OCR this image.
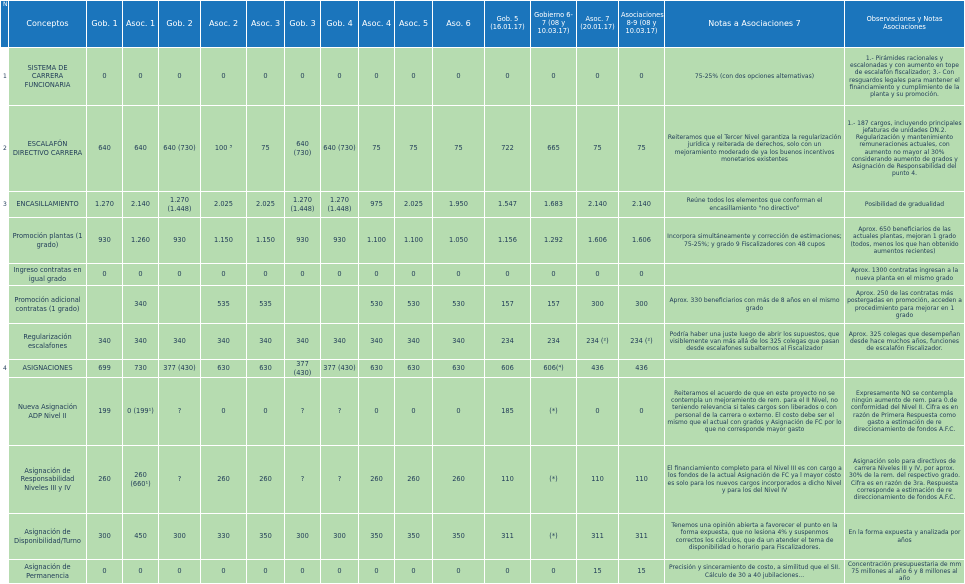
N	Conceptos	Gob. 1	Asoc. 1	Gob. 2	Asoc. 2	Asoc. 3	Gob. 3	Gob. 4	Asoc. 4	Asoc. 5	Aso. 6	Gob. 5 (16.01.17)	Gobierno 6-7 (08 y 10.03.17)	Asoc. 7 (20.01.17)	Asociaciones 8-9 (08 y 10.03.17)	Notas a Asociaciones 7	Observaciones y Notas Asociaciones
1	SISTEMA DE CARRERA FUNCIONARIA	0	0	0	0	0	0	0	0	0	0	0	0	0	0	75-25% (con dos opciones alternativas)	1.- Pirámides racionales y escalonadas y con aumento en tope de escalafón fiscalizador; 3.- Con resguardos legales para mantener el financiamiento y cumplimiento de la planta y su promoción.
2	ESCALAFÓN DIRECTIVO CARRERA	640	640	640 (730)	100 ³	75	640 (730)	640 (730)	75	75	75	722	665	75	75	Reiteramos que el Tercer Nivel garantiza la regularización jurídica y reiterada de derechos, solo con un mejoramiento moderado de ya los buenos incentivos monetarios existentes	1.- 187 cargos, incluyendo principales jefaturas de unidades DN.2. Regularización y mantenimiento remuneraciones actuales, con aumento no mayor al 30% considerando aumento de grados y Asignación de Responsabilidad del punto 4.
3	ENCASILLAMIENTO	1.270	2.140	1.270 (1.448)	2.025	2.025	1.270 (1.448)	1.270 (1.448)	975	2.025	1.950	1.547	1.683	2.140	2.140	Reúne todos los elementos que conforman el encasillamiento "no directivo"	Posibilidad de gradualidad
	Promoción plantas (1 grado)	930	1.260	930	1.150	1.150	930	930	1.100	1.100	1.050	1.156	1.292	1.606	1.606	Incorpora simultáneamente y corrección de estimaciones; 75-25%; y grado 9 Fiscalizadores con 48 cupos	Aprox. 650 beneficiarios de las actuales plantas, mejoran 1 grado (todos, menos los que han obtenido aumentos recientes)
	Ingreso contratas en igual grado	0	0	0	0	0	0	0	0	0	0	0	0	0	0		Aprox. 1300 contratas ingresan a la nueva planta en el mismo grado
	Promoción adicional contratas (1 grado)		340		535	535			530	530	530	157	157	300	300	Aprox. 330 beneficiarios con más de 8 años en el mismo grado	Aprox. 250 de las contratas más postergadas en promoción, acceden a procedimiento para mejorar en 1 grado
	Regularización escalafones	340	340	340	340	340	340	340	340	340	340	234	234	234 (²)	234 (²)	Podría haber una juste luego de abrir los supuestos, que visiblemente van más allá de los 325 colegas que pasan desde escalafones subalternos al Fiscalizador	Aprox. 325 colegas que desempeñan desde hace muchos años, funciones de escalafón Fiscalizador.
4	ASIGNACIONES	699	730	377 (430)	630	630	377 (430)	377 (430)	630	630	630	606	606(⁴)	436	436		
	Nueva Asignación ADP Nivel II	199	0 (199¹)	?	0	0	?	?	0	0	0	185	(*)	0	0	Reiteramos el acuerdo de que en este proyecto no se contempla un mejoramiento de rem. para el II Nivel, no teniendo relevancia si tales cargos son liberados o con personal de la carrera o externo. El costo debe ser el mismo que el actual con grados y Asignación de FC por lo que no corresponde mayor gasto	Expresamente NO se contempla ningún aumento de rem. para 0.de conformidad del Nivel II. Cifra es en razón de Primera Respuesta como gasto a estimación de re direccionamiento de fondos A.F.C.
	Asignación de Responsabilidad Niveles III y IV	260	260 (660¹)	?	260	260	?	?	260	260	260	110	(*)	110	110	El financiamiento completo para el Nivel III es con cargo a los fondos de la actual Asignación de FC ya l mayor costo es solo para los nuevos cargos incorporados a dicho Nivel y para los del Nivel IV	Asignación solo para directivos de carrera Niveles III y IV, por aprox. 30% de la rem. del respectivo grado. Cifra es en razón de 3ra. Respuesta corresponde a estimación de re direccionamiento de fondos A.F.C.
	Asignación de Disponibilidad/Turno	300	450	300	330	350	300	300	350	350	350	311	(*)	311	311	Tenemos una opinión abierta a favorecer el punto en la forma expuesta, que no lesiona 4% y suspenmos correctos los cálculos, que da un atender el tema de disponibilidad o horario para Fiscalizadores.	En la forma expuesta y analizada por años
	Asignación de Permanencia	0	0	0	0	0	0	0	0	0	0	0	0	15	15	Precisión y sinceramiento de costo, a similitud que el SII. Cálculo de 30 a 40 jubilaciones...	Concentración presupuestaria de mm 75 millones al año 6 y 8 millones al año
